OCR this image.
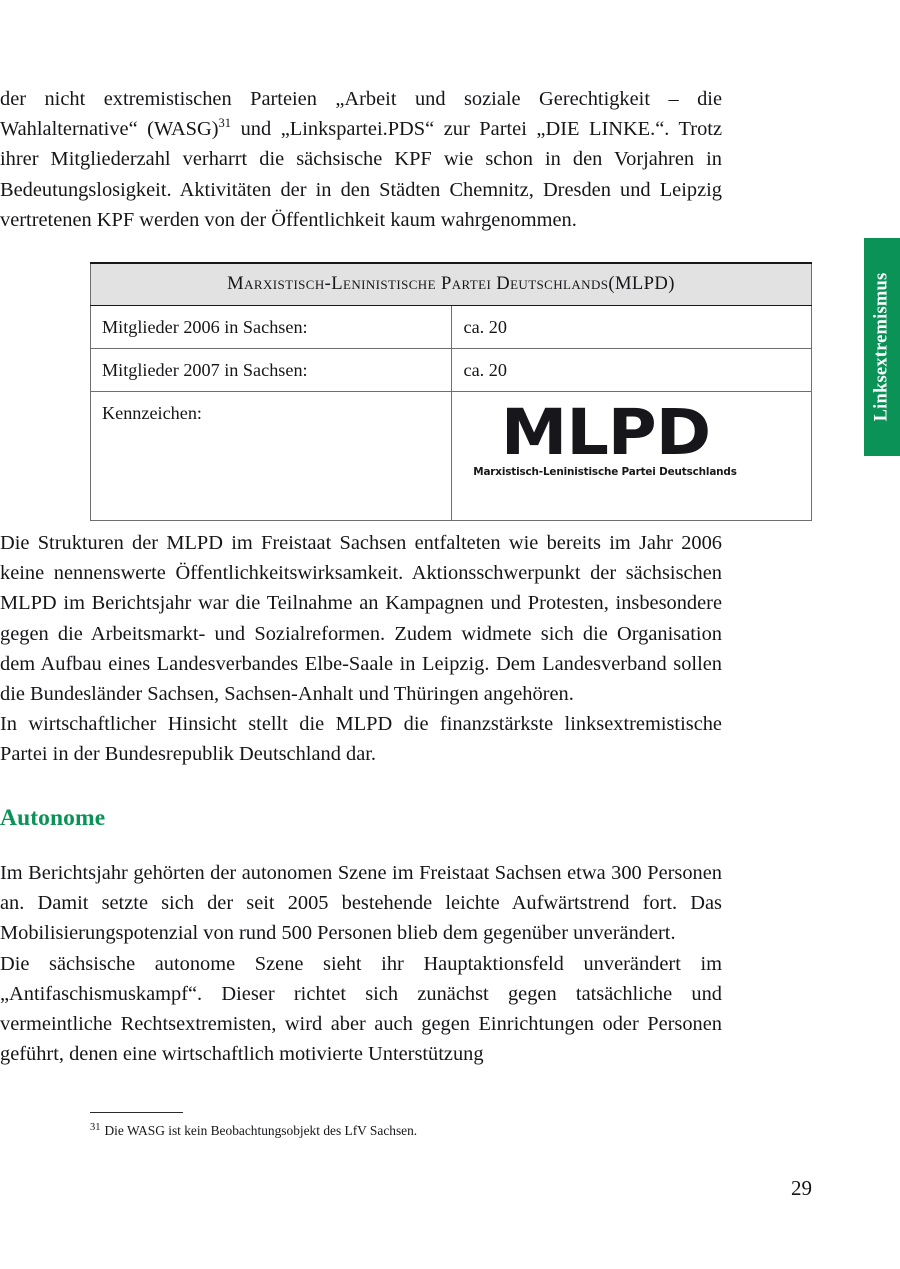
Linksextremismus

der nicht extremistischen Parteien „Arbeit und soziale Gerechtigkeit – die Wahlalternative“ (WASG)$^{31}$ und „Linkspartei.PDS“ zur Partei „DIE LINKE.“. Trotz ihrer Mitgliederzahl verharrt die sächsische KPF wie schon in den Vorjahren in Bedeutungslosigkeit. Aktivitäten der in den Städten Chemnitz, Dresden und Leipzig vertretenen KPF werden von der Öffentlichkeit kaum wahrgenommen.

Marxistisch-Leninistische Partei Deutschlands(MLPD)	
Mitglieder 2006 in Sachsen:	ca. 20
Mitglieder 2007 in Sachsen:	ca. 20
Kennzeichen:	MLPD
Marxistisch-Leninistische Partei Deutschlands

Die Strukturen der MLPD im Freistaat Sachsen entfalteten wie bereits im Jahr 2006 keine nennenswerte Öffentlichkeitswirksamkeit. Aktionsschwerpunkt der sächsischen MLPD im Berichtsjahr war die Teilnahme an Kampagnen und Protesten, insbesondere gegen die Arbeitsmarkt- und Sozialreformen. Zudem widmete sich die Organisation dem Aufbau eines Landesverbandes Elbe-Saale in Leipzig. Dem Landesverband sollen die Bundesländer Sachsen, Sachsen-Anhalt und Thüringen angehören.

In wirtschaftlicher Hinsicht stellt die MLPD die finanzstärkste linksextremistische Partei in der Bundesrepublik Deutschland dar.

Autonome

Im Berichtsjahr gehörten der autonomen Szene im Freistaat Sachsen etwa 300 Personen an. Damit setzte sich der seit 2005 bestehende leichte Aufwärtstrend fort. Das Mobilisierungspotenzial von rund 500 Personen blieb dem gegenüber unverändert.

Die sächsische autonome Szene sieht ihr Hauptaktionsfeld unverändert im „Antifaschismuskampf“. Dieser richtet sich zunächst gegen tatsächliche und vermeintliche Rechtsextremisten, wird aber auch gegen Einrichtungen oder Personen geführt, denen eine wirtschaftlich motivierte Unterstützung

$^{31}$ Die WASG ist kein Beobachtungsobjekt des LfV Sachsen.
29
